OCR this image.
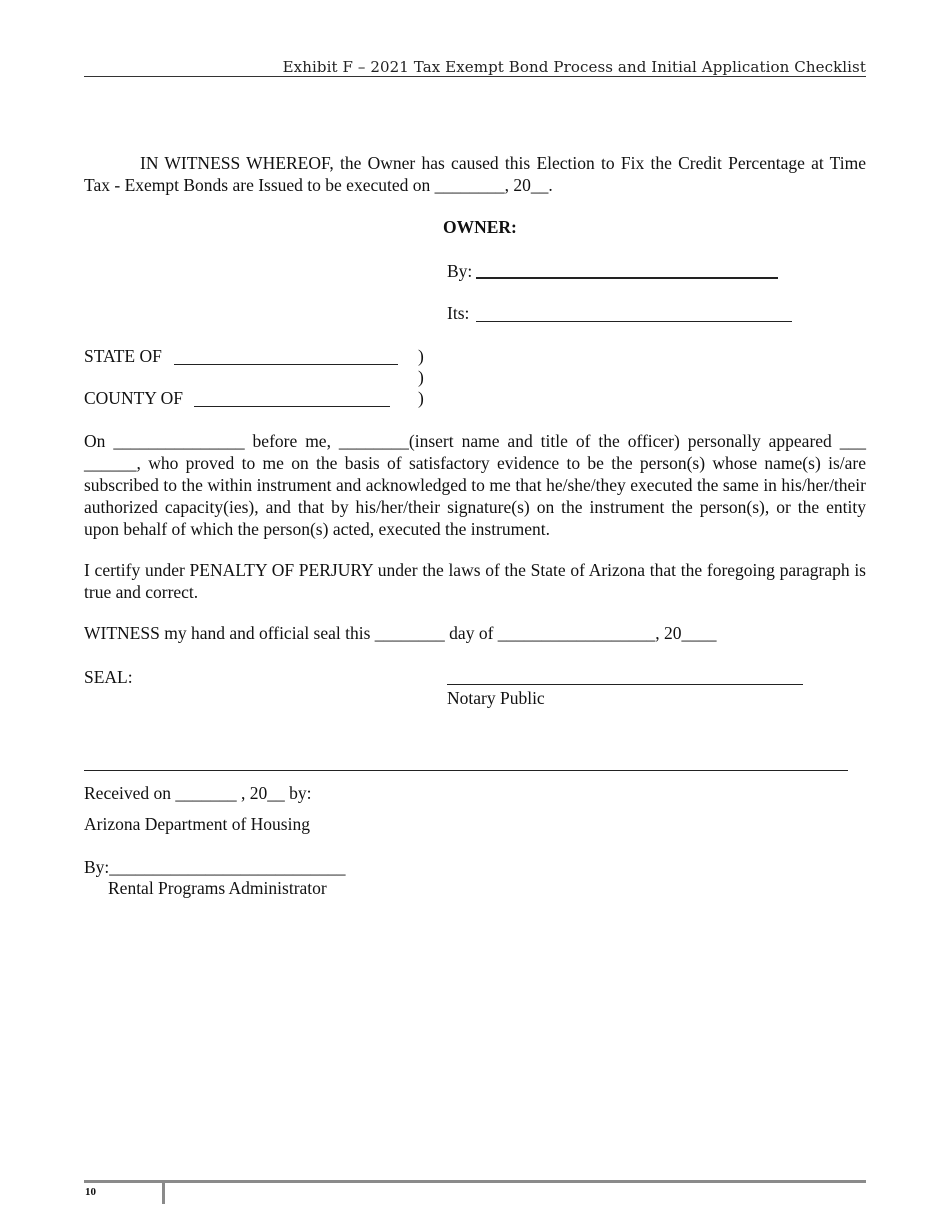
Exhibit F – 2021 Tax Exempt Bond Process and Initial Application Checklist
IN WITNESS WHEREOF, the Owner has caused this Election to Fix the Credit Percentage at Time Tax - Exempt Bonds are Issued to be executed on ________, 20__.
OWNER:
By:
Its:
STATE OF
COUNTY OF
)
)
)
On _______________ before me, ________(insert name and title of the officer) personally appeared ___ ______, who proved to me on the basis of satisfactory evidence to be the person(s) whose name(s) is/are subscribed to the within instrument and acknowledged to me that he/she/they executed the same in his/her/their authorized capacity(ies), and that by his/her/their signature(s) on the instrument the person(s), or the entity upon behalf of which the person(s) acted, executed the instrument.
I certify under PENALTY OF PERJURY under the laws of the State of Arizona that the foregoing paragraph is true and correct.
WITNESS my hand and official seal this ________ day of __________________, 20____
SEAL:
Notary Public
Received on _______ , 20__ by:
Arizona Department of Housing
By:___________________________
Rental Programs Administrator
10
